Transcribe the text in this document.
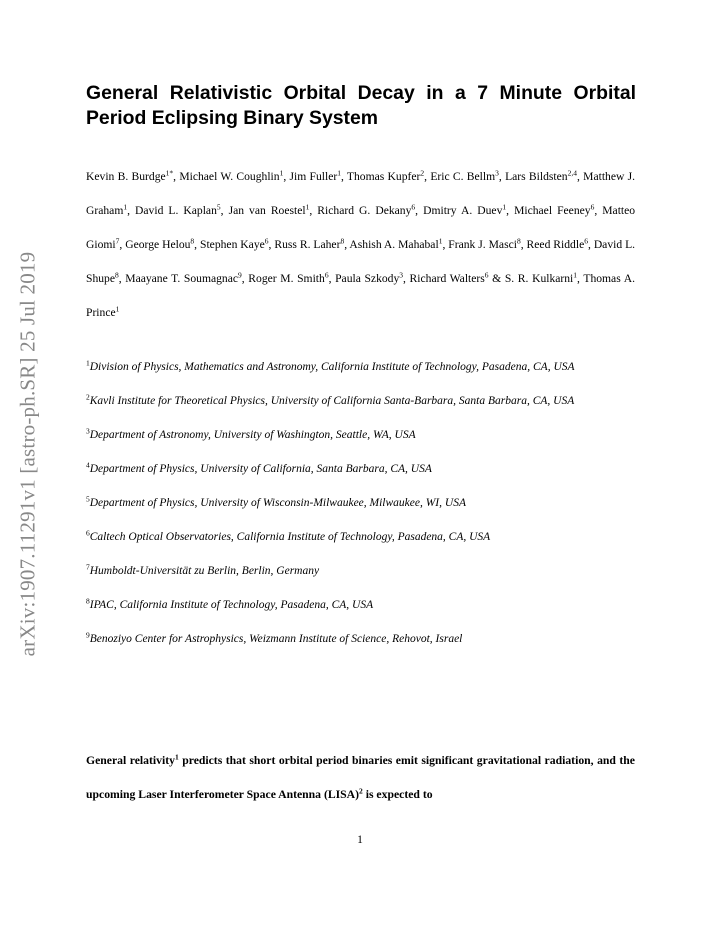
arXiv:1907.11291v1 [astro-ph.SR] 25 Jul 2019
General Relativistic Orbital Decay in a 7 Minute Orbital Period Eclipsing Binary System
Kevin B. Burdge$^{1*}$, Michael W. Coughlin$^1$, Jim Fuller$^1$, Thomas Kupfer$^2$, Eric C. Bellm$^3$, Lars Bildsten$^{2,4}$, Matthew J. Graham$^1$, David L. Kaplan$^5$, Jan van Roestel$^1$, Richard G. Dekany$^6$, Dmitry A. Duev$^1$, Michael Feeney$^6$, Matteo Giomi$^7$, George Helou$^8$, Stephen Kaye$^6$, Russ R. Laher$^8$, Ashish A. Mahabal$^1$, Frank J. Masci$^8$, Reed Riddle$^6$, David L. Shupe$^8$, Maayane T. Soumagnac$^9$, Roger M. Smith$^6$, Paula Szkody$^3$, Richard Walters$^6$ & S. R. Kulkarni$^1$, Thomas A. Prince$^1$

$^1$Division of Physics, Mathematics and Astronomy, California Institute of Technology, Pasadena, CA, USA

$^2$Kavli Institute for Theoretical Physics, University of California Santa-Barbara, Santa Barbara, CA, USA

$^3$Department of Astronomy, University of Washington, Seattle, WA, USA

$^4$Department of Physics, University of California, Santa Barbara, CA, USA

$^5$Department of Physics, University of Wisconsin-Milwaukee, Milwaukee, WI, USA

$^6$Caltech Optical Observatories, California Institute of Technology, Pasadena, CA, USA

$^7$Humboldt-Universität zu Berlin, Berlin, Germany

$^8$IPAC, California Institute of Technology, Pasadena, CA, USA

$^9$Benoziyo Center for Astrophysics, Weizmann Institute of Science, Rehovot, Israel

General relativity$^1$ predicts that short orbital period binaries emit significant gravitational radiation, and the upcoming Laser Interferometer Space Antenna (LISA)$^2$ is expected to
1
